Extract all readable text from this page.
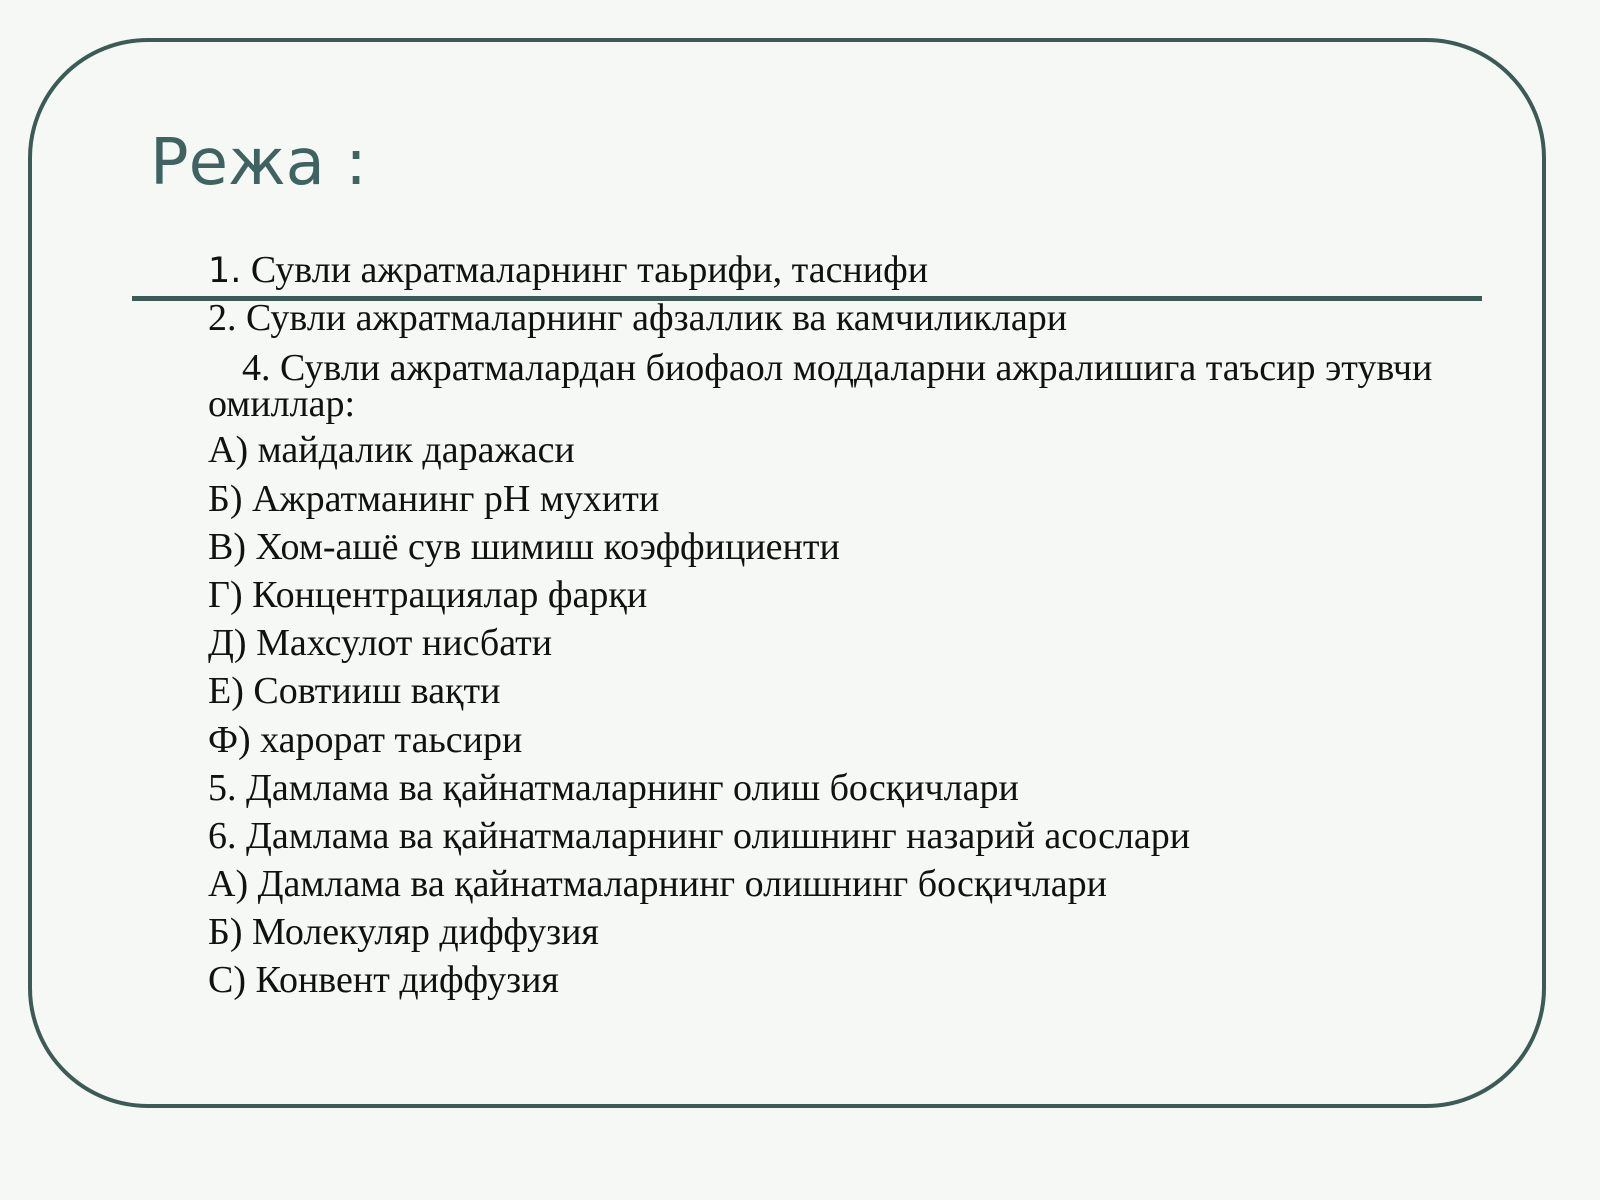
Режа :
1. Сувли ажратмаларнинг таьрифи, таснифи
2. Сувли ажратмаларнинг афзаллик ва камчиликлари
4. Сувли ажратмалардан биофаол моддаларни ажралишига таъсир этувчи омиллар:
А) майдалик даражаси
Б) Ажратманинг рН мухити
В) Хом-ашё сув шимиш коэффициенти
Г) Концентрациялар фарқи
Д) Махсулот нисбати
Е) Совтииш вақти
Ф) харорат таьсири
5. Дамлама ва қайнатмаларнинг олиш босқичлари
6. Дамлама ва қайнатмаларнинг олишнинг назарий асослари
А) Дамлама ва қайнатмаларнинг олишнинг босқичлари
Б) Молекуляр диффузия
С) Конвент диффузия
